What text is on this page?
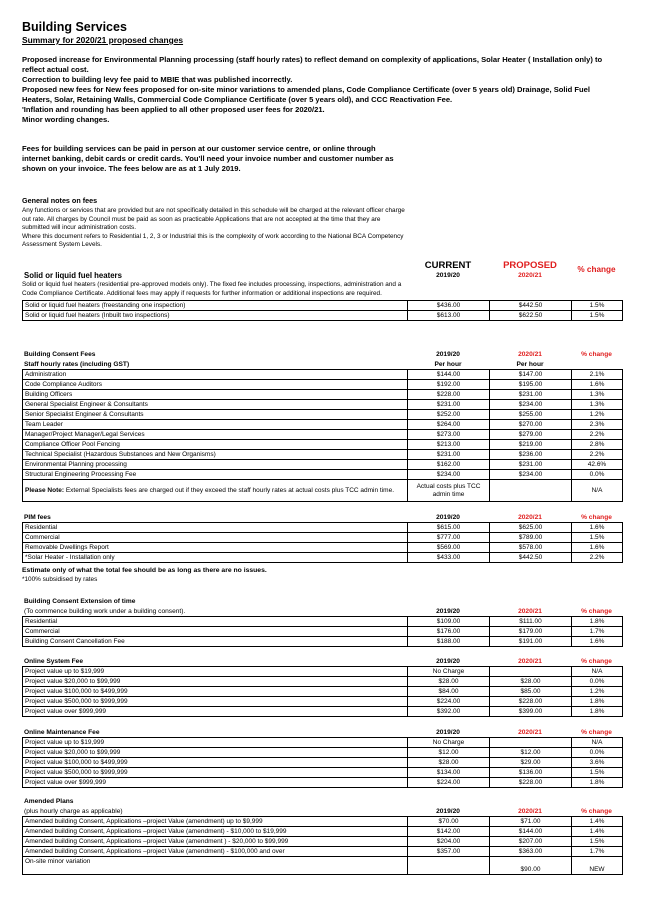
Building Services
Summary for 2020/21 proposed changes
Proposed increase for Environmental Planning processing (staff hourly rates) to reflect demand on complexity of applications, Solar Heater ( Installation only) to reflect actual cost.
Correction to building levy fee paid to MBIE that was published incorrectly.
Proposed new fees for New fees proposed for on-site minor variations to amended plans, Code Compliance Certificate (over 5 years old) Drainage, Solid Fuel Heaters, Solar, Retaining Walls, Commercial Code Compliance Certificate (over 5 years old), and CCC Reactivation Fee.
'Inflation and rounding has been applied to all other proposed user fees for 2020/21.
Minor wording changes.
Fees for building services can be paid in person at our customer service centre, or online through internet banking, debit cards or credit cards. You'll need your invoice number and customer number as shown on your invoice. The fees below are as at 1 July 2019.
General notes on fees
Any functions or services that are provided but are not specifically detailed in this schedule will be charged at the relevant officer charge out rate. All charges by Council must be paid as soon as practicable Applications that are not accepted at the time that they are submitted will incur administration costs.
Where this document refers to Residential 1, 2, 3 or Industrial this is the complexity of work according to the National BCA Competency Assessment System Levels.
	CURRENT	PROPOSED	
Solid or liquid fuel heaters	2019/20	2020/21	% change

Solid or liquid fuel heaters (residential pre-approved models only). The fixed fee includes processing, inspections, administration and a Code Compliance Certificate. Additional fees may apply if requests for further information or additional inspections are required.			
Solid or liquid fuel heaters (freestanding one inspection)	$436.00	$442.50	1.5%
Solid or liquid fuel heaters (Inbuilt two inspections)	$613.00	$622.50	1.5%
Building Consent Fees	2019/20	2020/21	% change
Staff hourly rates (including GST)	Per hour	Per hour	
Administration	$144.00	$147.00	2.1%
Code Compliance Auditors	$192.00	$195.00	1.6%
Building Officers	$228.00	$231.00	1.3%
General Specialist Engineer & Consultants	$231.00	$234.00	1.3%
Senior Specialist Engineer & Consultants	$252.00	$255.00	1.2%
Team Leader	$264.00	$270.00	2.3%
Manager/Project Manager/Legal Services	$273.00	$279.00	2.2%
Compliance Officer Pool Fencing	$213.00	$219.00	2.8%
Technical Specialist (Hazardous Substances and New Organisms)	$231.00	$236.00	2.2%
Environmental Planning processing	$162.00	$231.00	42.6%
Structural Engineering Processing Fee	$234.00	$234.00	0.0%
Please Note: External Specialists fees are charged out if they exceed the staff hourly rates at actual costs plus TCC admin time.	Actual costs plus TCC admin time		N/A
PIM fees	2019/20	2020/21	% change
Residential	$615.00	$625.00	1.6%
Commercial	$777.00	$789.00	1.5%
Removable Dwellings Report	$569.00	$578.00	1.6%
*Solar Heater - Installation only	$433.00	$442.50	2.2%
Estimate only of what the total fee should be as long as there are no issues.
*100% subsidised by rates
Building Consent Extension of time			
(To commence building work under a building consent).	2019/20	2020/21	% change
Residential	$109.00	$111.00	1.8%
Commercial	$176.00	$179.00	1.7%
Building Consent Cancellation Fee	$188.00	$191.00	1.6%
Online System Fee	2019/20	2020/21	% change
Project value up to $19,999	No Charge		N/A
Project value $20,000 to $99,999	$28.00	$28.00	0.0%
Project value $100,000 to $499,999	$84.00	$85.00	1.2%
Project value $500,000 to $999,999	$224.00	$228.00	1.8%
Project value over $999,999	$392.00	$399.00	1.8%
Online Maintenance Fee	2019/20	2020/21	% change
Project value up to $19,999	No Charge		N/A
Project value $20,000 to $99,999	$12.00	$12.00	0.0%
Project value $100,000 to $499,999	$28.00	$29.00	3.6%
Project value $500,000 to $999,999	$134.00	$136.00	1.5%
Project value over $999,999	$224.00	$228.00	1.8%
Amended Plans			
(plus hourly charge as applicable)	2019/20	2020/21	% change
Amended building Consent, Applications –project Value (amendment) up to $9,999	$70.00	$71.00	1.4%
Amended building Consent, Applications –project Value (amendment) - $10,000 to $19,999	$142.00	$144.00	1.4%
Amended building Consent, Applications –project Value (amendment ) - $20,000 to $99,999	$204.00	$207.00	1.5%
Amended building Consent, Applications –project Value (amendment) - $100,000 and over	$357.00	$363.00	1.7%
On-site minor variation		$90.00	NEW
